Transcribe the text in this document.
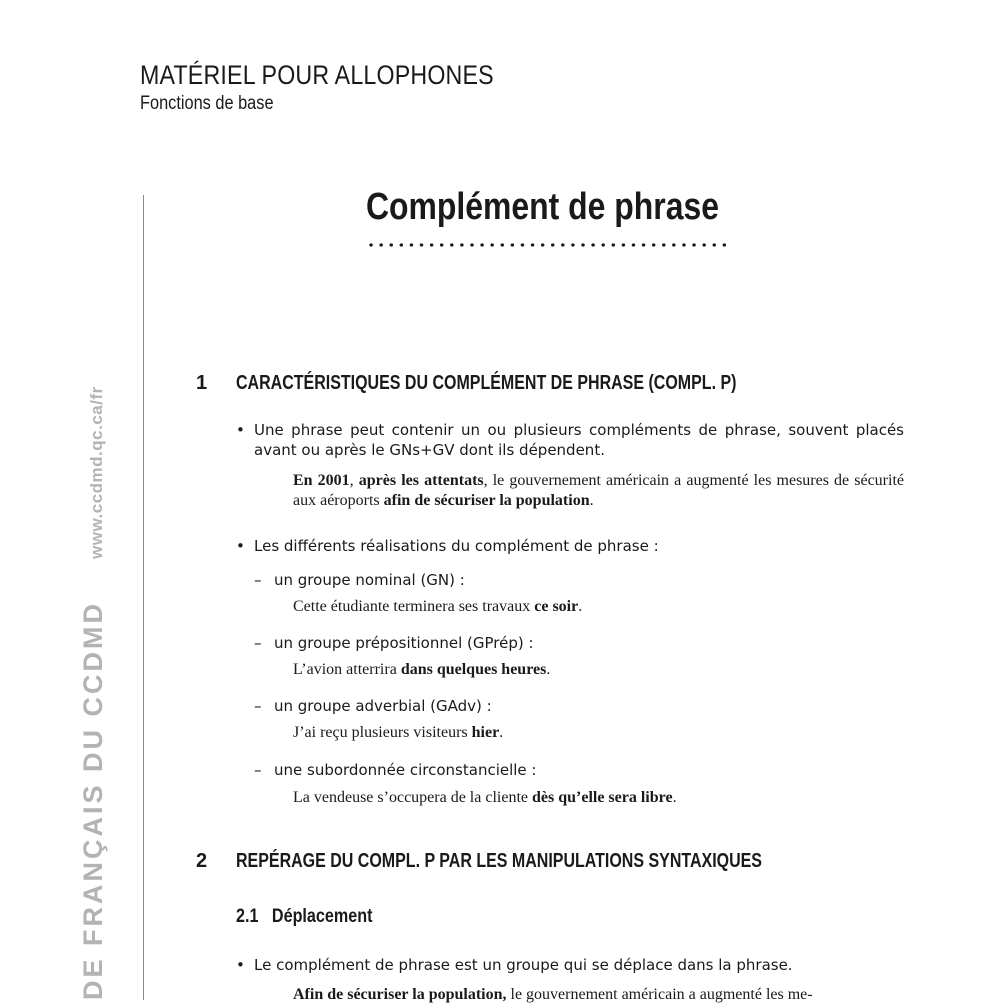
MATÉRIEL POUR ALLOPHONES
Fonctions de base
DE FRANÇAIS DU CCDMDwww.ccdmd.qc.ca/fr
Complément de phrase
1 CARACTÉRISTIQUES DU COMPLÉMENT DE PHRASE (COMPL. P)
• Une phrase peut contenir un ou plusieurs compléments de phrase, souvent placés avant ou après le GNs+GV dont ils dépendent.
En 2001, après les attentats, le gouvernement américain a augmenté les mesures de sécurité aux aéroports afin de sécuriser la population.
• Les différents réalisations du complément de phrase :
– un groupe nominal (GN) :
Cette étudiante terminera ses travaux ce soir.
– un groupe prépositionnel (GPrép) :
L’avion atterrira dans quelques heures.
– un groupe adverbial (GAdv) :
J’ai reçu plusieurs visiteurs hier.
– une subordonnée circonstancielle :
La vendeuse s’occupera de la cliente dès qu’elle sera libre.
2 REPÉRAGE DU COMPL. P PAR LES MANIPULATIONS SYNTAXIQUES
2.1 Déplacement
• Le complément de phrase est un groupe qui se déplace dans la phrase.
Afin de sécuriser la population, le gouvernement américain a augmenté les me-
